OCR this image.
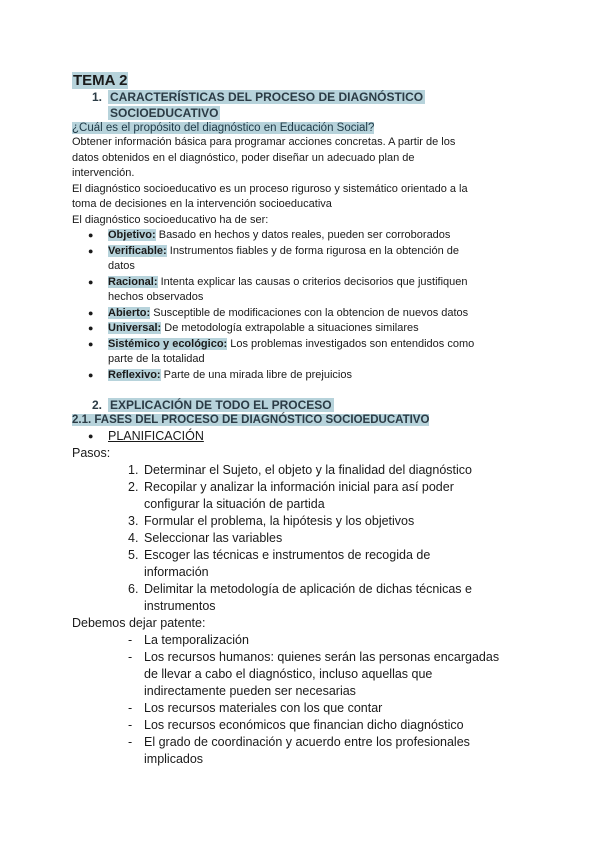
TEMA 2
1. CARACTERÍSTICAS DEL PROCESO DE DIAGNÓSTICO
SOCIOEDUCATIVO
¿Cuál es el propósito del diagnóstico en Educación Social?
Obtener información básica para programar acciones concretas. A partir de los
datos obtenidos en el diagnóstico, poder diseñar un adecuado plan de
intervención.
El diagnóstico socioeducativo es un proceso riguroso y sistemático orientado a la
toma de decisiones en la intervención socioeducativa
El diagnóstico socioeducativo ha de ser:
● Objetivo: Basado en hechos y datos reales, pueden ser corroborados
● Verificable: Instrumentos fiables y de forma rigurosa en la obtención de
datos
● Racional: Intenta explicar las causas o criterios decisorios que justifiquen
hechos observados
● Abierto: Susceptible de modificaciones con la obtencion de nuevos datos
● Universal: De metodología extrapolable a situaciones similares
● Sistémico y ecológico: Los problemas investigados son entendidos como
parte de la totalidad
● Reflexivo: Parte de una mirada libre de prejuicios
2. EXPLICACIÓN DE TODO EL PROCESO
2.1. FASES DEL PROCESO DE DIAGNÓSTICO SOCIOEDUCATIVO
● PLANIFICACIÓN
Pasos:
1. Determinar el Sujeto, el objeto y la finalidad del diagnóstico
2. Recopilar y analizar la información inicial para así poder
configurar la situación de partida
3. Formular el problema, la hipótesis y los objetivos
4. Seleccionar las variables
5. Escoger las técnicas e instrumentos de recogida de
información
6. Delimitar la metodología de aplicación de dichas técnicas e
instrumentos
Debemos dejar patente:
- La temporalización
- Los recursos humanos: quienes serán las personas encargadas
de llevar a cabo el diagnóstico, incluso aquellas que
indirectamente pueden ser necesarias
- Los recursos materiales con los que contar
- Los recursos económicos que financian dicho diagnóstico
- El grado de coordinación y acuerdo entre los profesionales
implicados
